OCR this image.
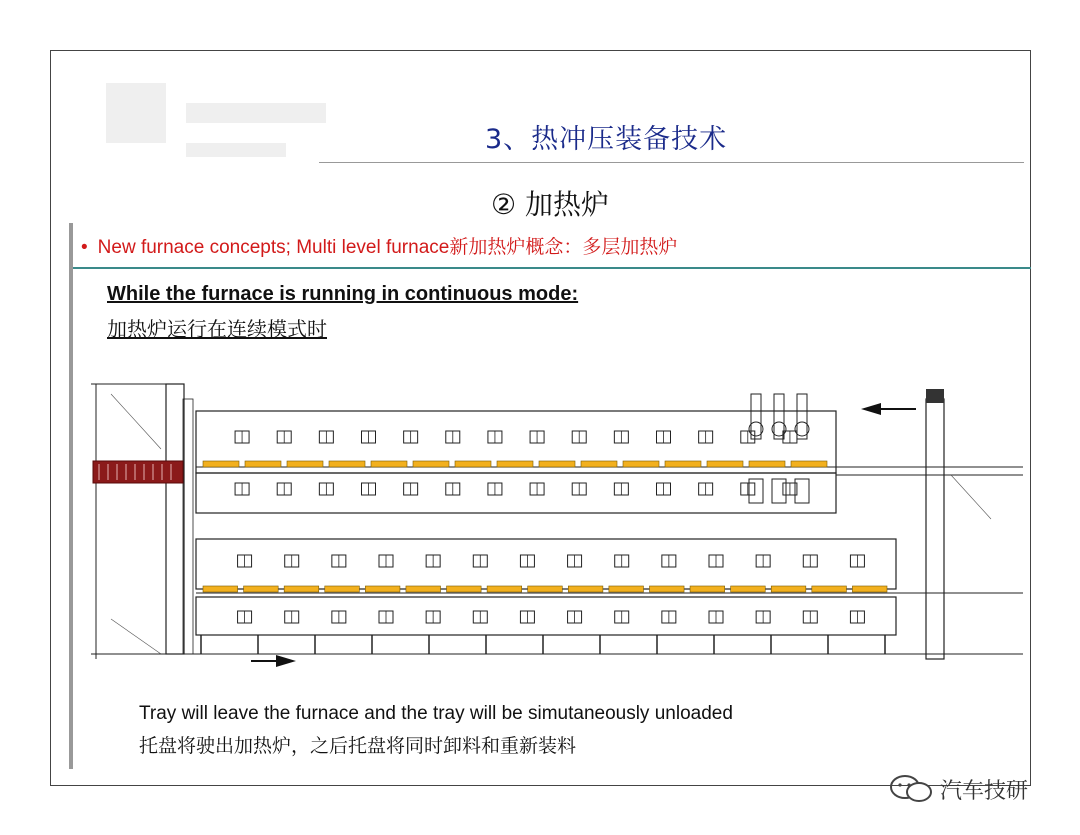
3、热冲压装备技术
② 加热炉
• New furnace concepts; Multi level furnace新加热炉概念：多层加热炉
While the furnace is running in continuous mode:
加热炉运行在连续模式时
Tray will leave the furnace and the tray will be simutaneously unloaded
托盘将驶出加热炉，之后托盘将同时卸料和重新装料
汽车技研
